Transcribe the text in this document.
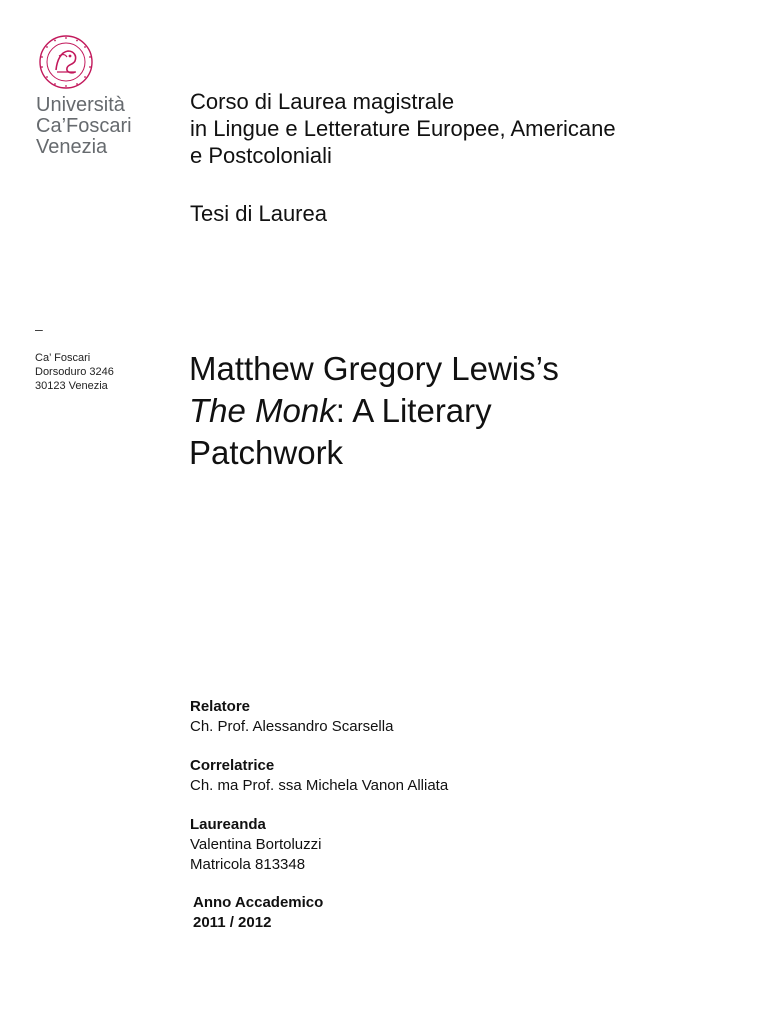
Università
Ca’Foscari
Venezia
–
Ca’ Foscari
Dorsoduro 3246
30123 Venezia
Corso di Laurea magistrale
in Lingue e Letterature Europee, Americane
e Postcoloniali
Tesi di Laurea
Matthew Gregory Lewis’s
The Monk: A Literary
Patchwork
Relatore
Ch. Prof. Alessandro Scarsella
Correlatrice
Ch. ma Prof. ssa Michela Vanon Alliata
Laureanda
Valentina Bortoluzzi
Matricola 813348
Anno Accademico
2011 / 2012
